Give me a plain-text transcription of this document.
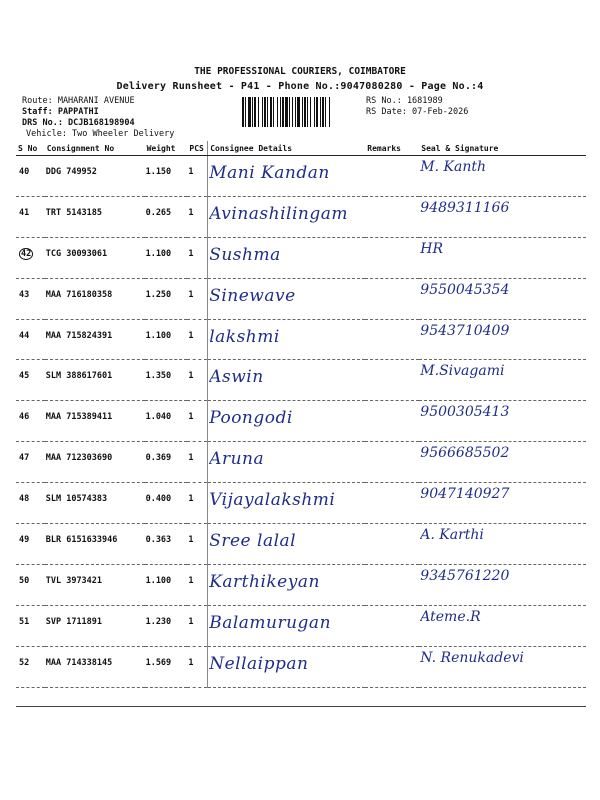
THE PROFESSIONAL COURIERS, COIMBATORE
Delivery Runsheet - P41 - Phone No.:9047080280 - Page No.:4
Route: MAHARANI AVENUE
Staff: PAPPATHI
DRS No.: DCJB168198904
Vehicle: Two Wheeler Delivery
RS No.: 1681989
RS Date: 07-Feb-2026
S No	Consignment No	Weight	PCS	Consignee Details	Remarks	Seal & Signature
40	DDG 749952	1.150	1	Mani Kandan		M. Kanth

41	TRT 5143185	0.265	1	Avinashilingam		9489311166

42	TCG 30093061	1.100	1	Sushma		HR

43	MAA 716180358	1.250	1	Sinewave		9550045354

44	MAA 715824391	1.100	1	lakshmi		9543710409

45	SLM 388617601	1.350	1	Aswin		M.Sivagami

46	MAA 715389411	1.040	1	Poongodi		9500305413

47	MAA 712303690	0.369	1	Aruna		9566685502

48	SLM 10574383	0.400	1	Vijayalakshmi		9047140927

49	BLR 6151633946	0.363	1	Sree lalal		A. Karthi

50	TVL 3973421	1.100	1	Karthikeyan		9345761220

51	SVP 1711891	1.230	1	Balamurugan		Ateme.R

52	MAA 714338145	1.569	1	Nellaippan		N. Renukadevi
